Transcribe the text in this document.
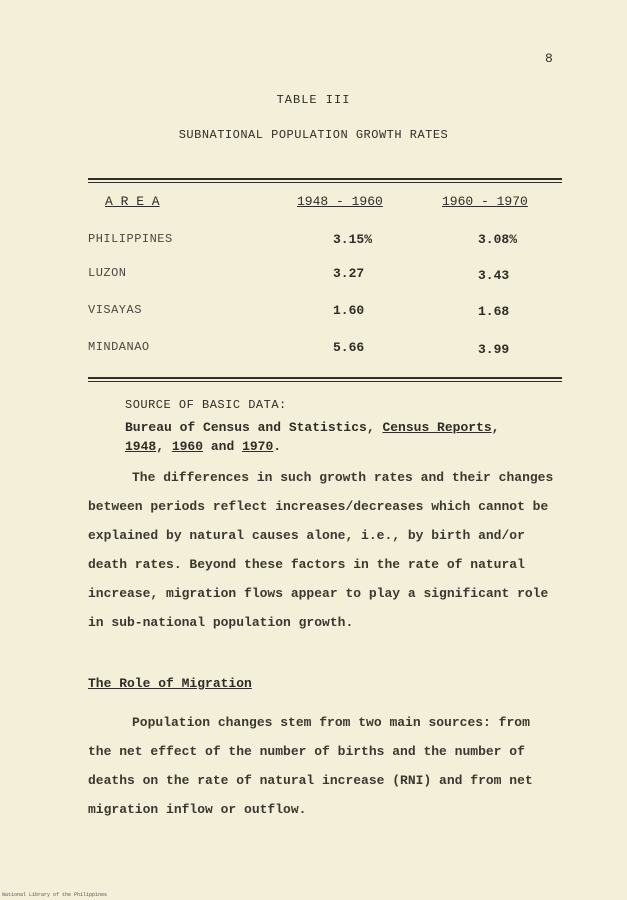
8
TABLE III
SUBNATIONAL POPULATION GROWTH RATES
A R E A	1948 - 1960	1960 - 1970
PHILIPPINES	3.15%	3.08%
LUZON	3.27	3.43
VISAYAS	1.60	1.68
MINDANAO	5.66	3.99
SOURCE OF BASIC DATA:
Bureau of Census and Statistics, Census Reports,
1948, 1960 and 1970.
The differences in such growth rates and their changes between periods reflect increases/decreases which cannot be explained by natural causes alone, i.e., by birth and/or death rates. Beyond these factors in the rate of natural increase, migration flows appear to play a significant role in sub-national population growth.
The Role of Migration
Population changes stem from two main sources: from the net effect of the number of births and the number of deaths on the rate of natural increase (RNI) and from net migration inflow or outflow.
National Library of the Philippines
